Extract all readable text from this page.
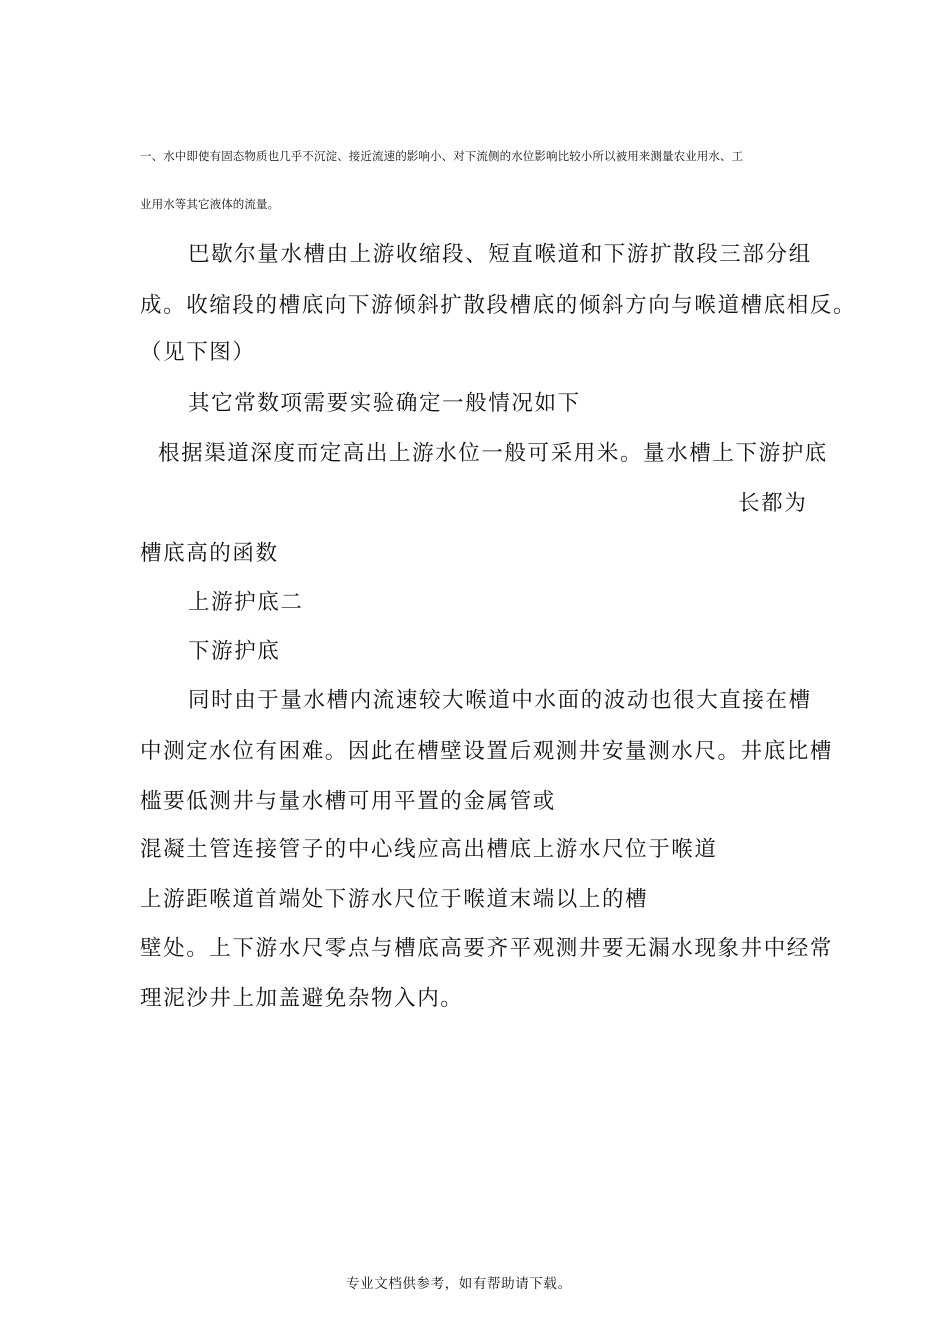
一、水中即使有固态物质也几乎不沉淀、接近流速的影响小、对下流侧的水位影响比较小所以被用来测量农业用水、工

业用水等其它液体的流量。

巴歇尔量水槽由上游收缩段、短直喉道和下游扩散段三部分组

成。收缩段的槽底向下游倾斜扩散段槽底的倾斜方向与喉道槽底相反。

（见下图）

其它常数项需要实验确定一般情况如下

根据渠道深度而定高出上游水位一般可采用米。量水槽上下游护底

长都为

槽底高的函数

上游护底二

下游护底

同时由于量水槽内流速较大喉道中水面的波动也很大直接在槽

中测定水位有困难。因此在槽壁设置后观测井安量测水尺。井底比槽

槛要低测井与量水槽可用平置的金属管或

混凝土管连接管子的中心线应高出槽底上游水尺位于喉道

上游距喉道首端处下游水尺位于喉道末端以上的槽

壁处。上下游水尺零点与槽底高要齐平观测井要无漏水现象井中经常

理泥沙井上加盖避免杂物入内。

专业文档供参考，如有帮助请下载。
